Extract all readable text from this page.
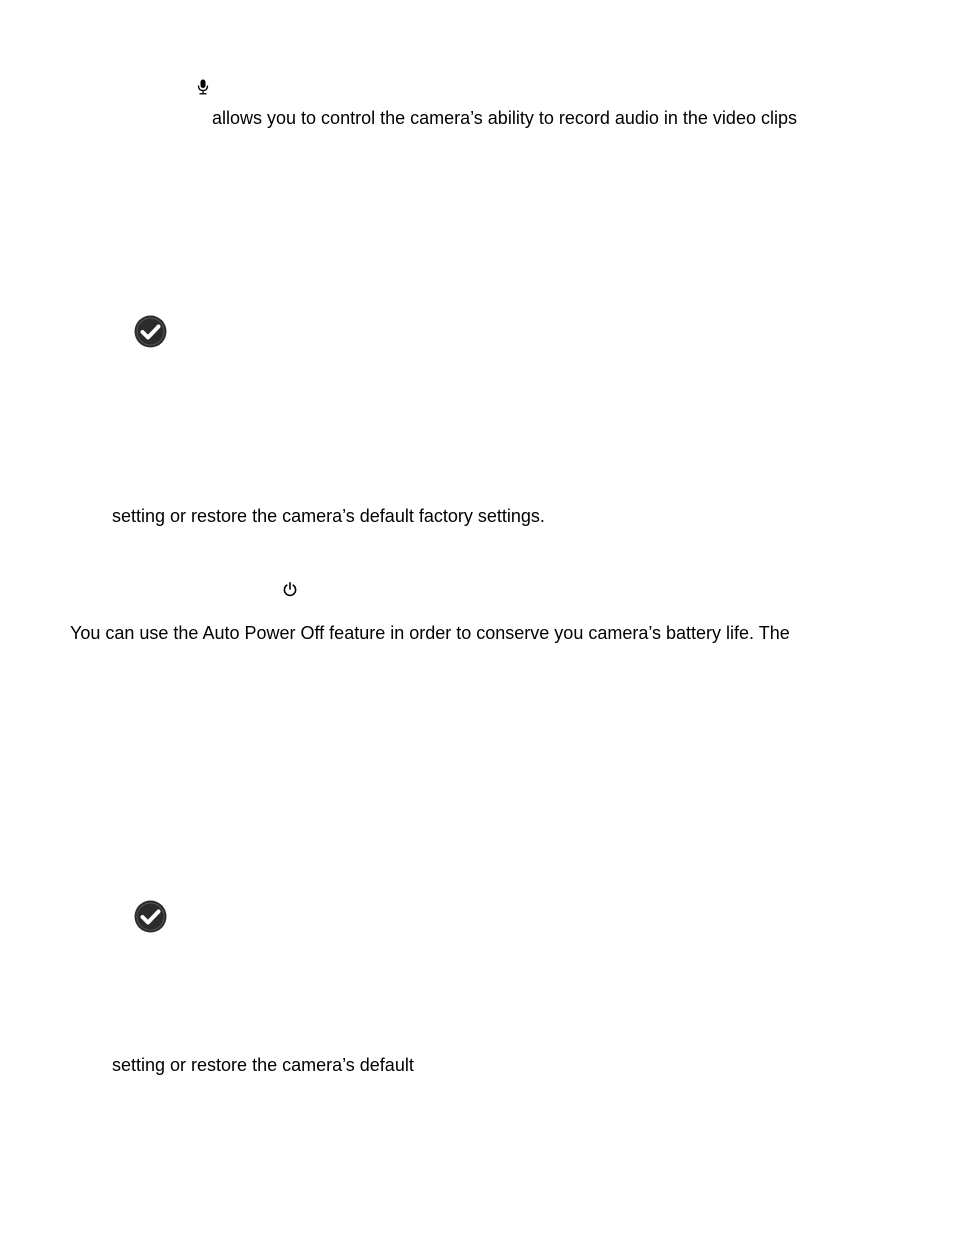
allows you to control the camera’s ability to record audio in the video clips
setting or restore the camera’s default factory settings.
You can use the Auto Power Off feature in order to conserve you camera’s battery life. The
setting or restore the camera’s default
